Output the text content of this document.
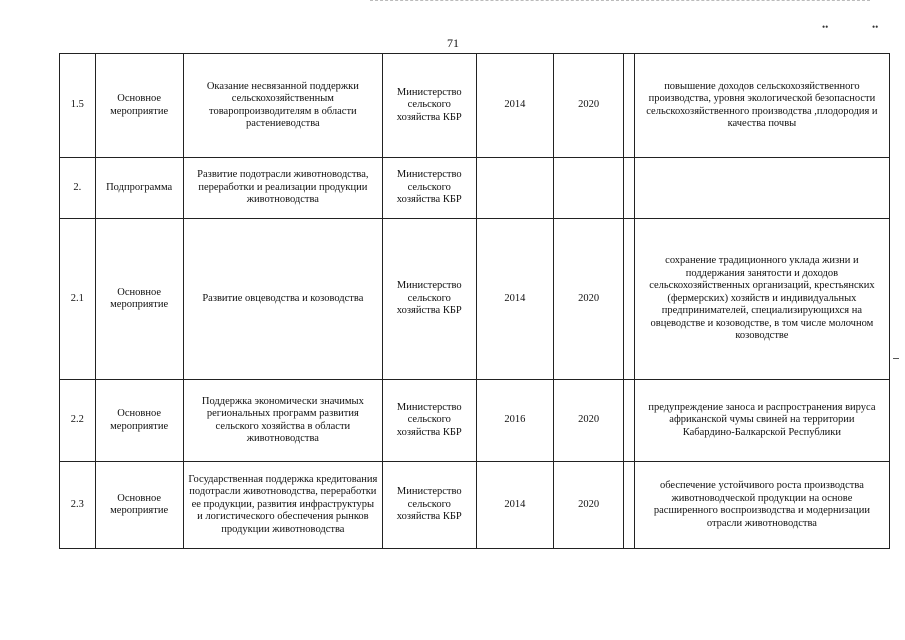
••	••
71
1.5	Основное мероприятие	Оказание несвязанной поддержки сельскохозяйственным товаропроизводителям в области растениеводства	Министерство сельского хозяйства КБР	2014	2020		повышение доходов сельскохозяйственного производства, уровня экологической безопасности сельскохозяйственного производства ,плодородия и качества почвы
2.	Подпрограмма	Развитие подотрасли животноводства, переработки и реализации продукции животноводства	Министерство сельского хозяйства КБР				
2.1	Основное мероприятие	Развитие овцеводства и козоводства	Министерство сельского хозяйства КБР	2014	2020		сохранение традиционного уклада жизни и поддержания занятости и доходов сельскохозяйственных организаций, крестьянских (фермерских) хозяйств и индивидуальных предпринимателей, специализирующихся на овцеводстве и козоводстве, в том числе молочном козоводстве
2.2	Основное мероприятие	Поддержка экономически значимых региональных программ развития сельского хозяйства в области животноводства	Министерство сельского хозяйства КБР	2016	2020		предупреждение заноса и распространения вируса африканской чумы свиней на территории Кабардино-Балкарской Республики
2.3	Основное мероприятие	Государственная поддержка кредитования подотрасли животноводства, переработки ее продукции, развития инфраструктуры и логистического обеспечения рынков продукции животноводства	Министерство сельского хозяйства КБР	2014	2020		обеспечение устойчивого роста производства животноводческой продукции на основе расширенного воспроизводства и модернизации отрасли животноводства
